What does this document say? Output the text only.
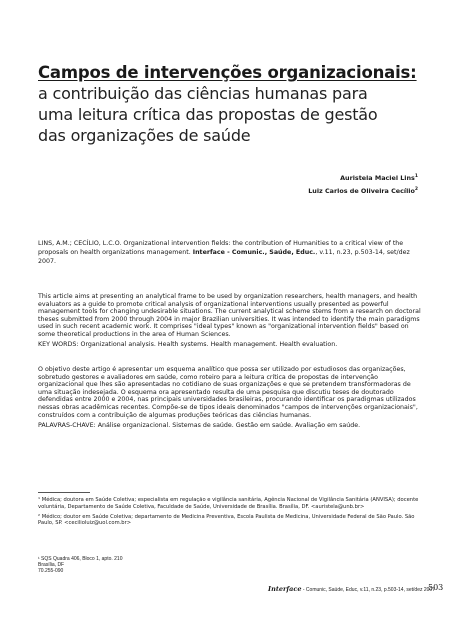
Campos de intervenções organizacionais:

a contribuição das ciências humanas para

uma leitura crítica das propostas de gestão

das organizações de saúde

Auristela Maciel Lins$^1$
Luiz Carlos de Oliveira Cecílio$^2$
LINS, A.M.; CECÍLIO, L.C.O. Organizational intervention fields: the contribution of Humanities to a critical view of the proposals on health organizations management. Interface - Comunic., Saúde, Educ., v.11, n.23, p.503-14, set/dez 2007.

This article aims at presenting an analytical frame to be used by organization researchers, health managers, and health evaluators as a guide to promote critical analysis of organizational interventions usually presented as powerful management tools for changing undesirable situations. The current analytical scheme stems from a research on doctoral theses submitted from 2000 through 2004 in major Brazilian universities. It was intended to identify the main paradigms used in such recent academic work. It comprises "ideal types" known as "organizational intervention fields" based on some theoretical productions in the area of Human Sciences.

KEY WORDS: Organizational analysis. Health systems. Health management. Health evaluation.

O objetivo deste artigo é apresentar um esquema analítico que possa ser utilizado por estudiosos das organizações, sobretudo gestores e avaliadores em saúde, como roteiro para a leitura crítica de propostas de intervenção organizacional que lhes são apresentadas no cotidiano de suas organizações e que se pretendem transformadoras de uma situação indesejada. O esquema ora apresentado resulta de uma pesquisa que discutiu teses de doutorado defendidas entre 2000 e 2004, nas principais universidades brasileiras, procurando identificar os paradigmas utilizados nessas obras acadêmicas recentes. Compõe-se de tipos ideais denominados "campos de intervenções organizacionais", construídos com a contribuição de algumas produções teóricas das ciências humanas.

PALAVRAS-CHAVE: Análise organizacional. Sistemas de saúde. Gestão em saúde. Avaliação em saúde.

¹ Médica; doutora em Saúde Coletiva; especialista em regulação e vigilância sanitária, Agência Nacional de Vigilância Sanitária (ANVISA); docente voluntária, Departamento de Saúde Coletiva, Faculdade de Saúde, Universidade de Brasília. Brasília, DF. <auristela@unb.br>

² Médico; doutor em Saúde Coletiva; departamento de Medicina Preventiva, Escola Paulista de Medicina, Universidade Federal de São Paulo. São Paulo, SP. <cecilioluiz@uol.com.br>

¹ SQS Quadra 406, Bloco 1, apto. 210
Brasília, DF
70.255-090
Interface - Comunic, Saúde, Educ, v.11, n.23, p.503-14, set/dez 2007
503
